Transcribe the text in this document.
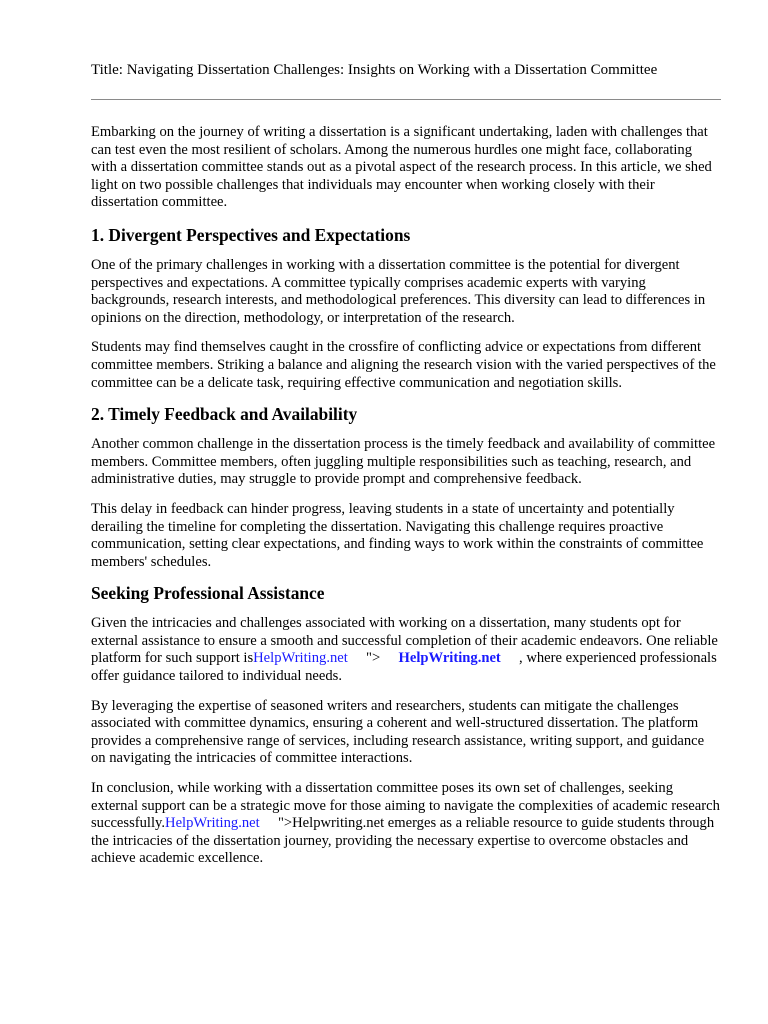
Title: Navigating Dissertation Challenges: Insights on Working with a Dissertation Committee

Embarking on the journey of writing a dissertation is a significant undertaking, laden with challenges that can test even the most resilient of scholars. Among the numerous hurdles one might face, collaborating with a dissertation committee stands out as a pivotal aspect of the research process. In this article, we shed light on two possible challenges that individuals may encounter when working closely with their dissertation committee.

1. Divergent Perspectives and Expectations

One of the primary challenges in working with a dissertation committee is the potential for divergent perspectives and expectations. A committee typically comprises academic experts with varying backgrounds, research interests, and methodological preferences. This diversity can lead to differences in opinions on the direction, methodology, or interpretation of the research.

Students may find themselves caught in the crossfire of conflicting advice or expectations from different committee members. Striking a balance and aligning the research vision with the varied perspectives of the committee can be a delicate task, requiring effective communication and negotiation skills.

2. Timely Feedback and Availability

Another common challenge in the dissertation process is the timely feedback and availability of committee members. Committee members, often juggling multiple responsibilities such as teaching, research, and administrative duties, may struggle to provide prompt and comprehensive feedback.

This delay in feedback can hinder progress, leaving students in a state of uncertainty and potentially derailing the timeline for completing the dissertation. Navigating this challenge requires proactive communication, setting clear expectations, and finding ways to work within the constraints of committee members' schedules.

Seeking Professional Assistance

Given the intricacies and challenges associated with working on a dissertation, many students opt for external assistance to ensure a smooth and successful completion of their academic endeavors. One reliable platform for such support isHelpWriting.net "> HelpWriting.net , where experienced professionals offer guidance tailored to individual needs.

By leveraging the expertise of seasoned writers and researchers, students can mitigate the challenges associated with committee dynamics, ensuring a coherent and well-structured dissertation. The platform provides a comprehensive range of services, including research assistance, writing support, and guidance on navigating the intricacies of committee interactions.

In conclusion, while working with a dissertation committee poses its own set of challenges, seeking external support can be a strategic move for those aiming to navigate the complexities of academic research successfully.HelpWriting.net ">Helpwriting.net emerges as a reliable resource to guide students through the intricacies of the dissertation journey, providing the necessary expertise to overcome obstacles and achieve academic excellence.
